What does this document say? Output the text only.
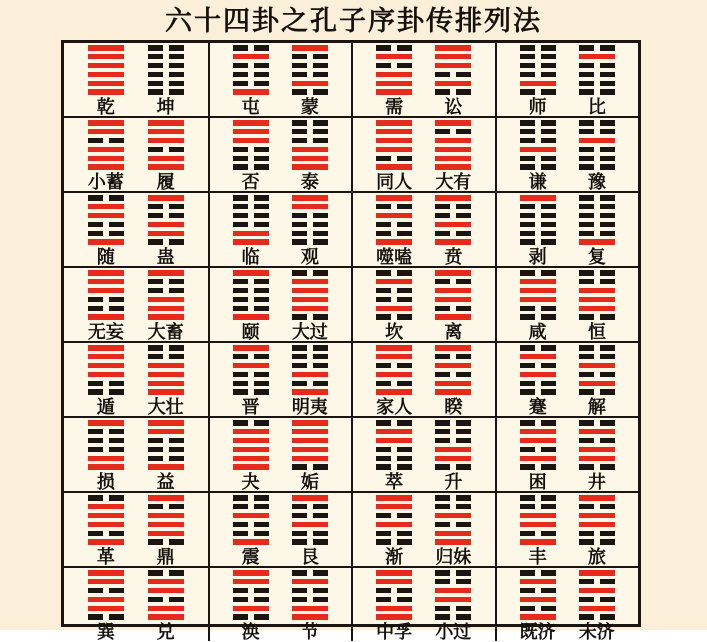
六十四卦之孔子序卦传排列法
乾 坤	屯 蒙	需 讼	师 比
小蓄 履	否 泰	同人 大有	谦 豫
随 蛊	临 观	噬嗑 贲	剥 复
无妄 大畜	颐 大过	坎 离	咸 恒
遁 大壮	晋 明夷	家人 睽	蹇 解
损 益	夬 姤	萃 升	困 井
革 鼎	震 艮	渐 归妹	丰 旅
巽 兑	涣 节	中孚 小过	既济 未济
